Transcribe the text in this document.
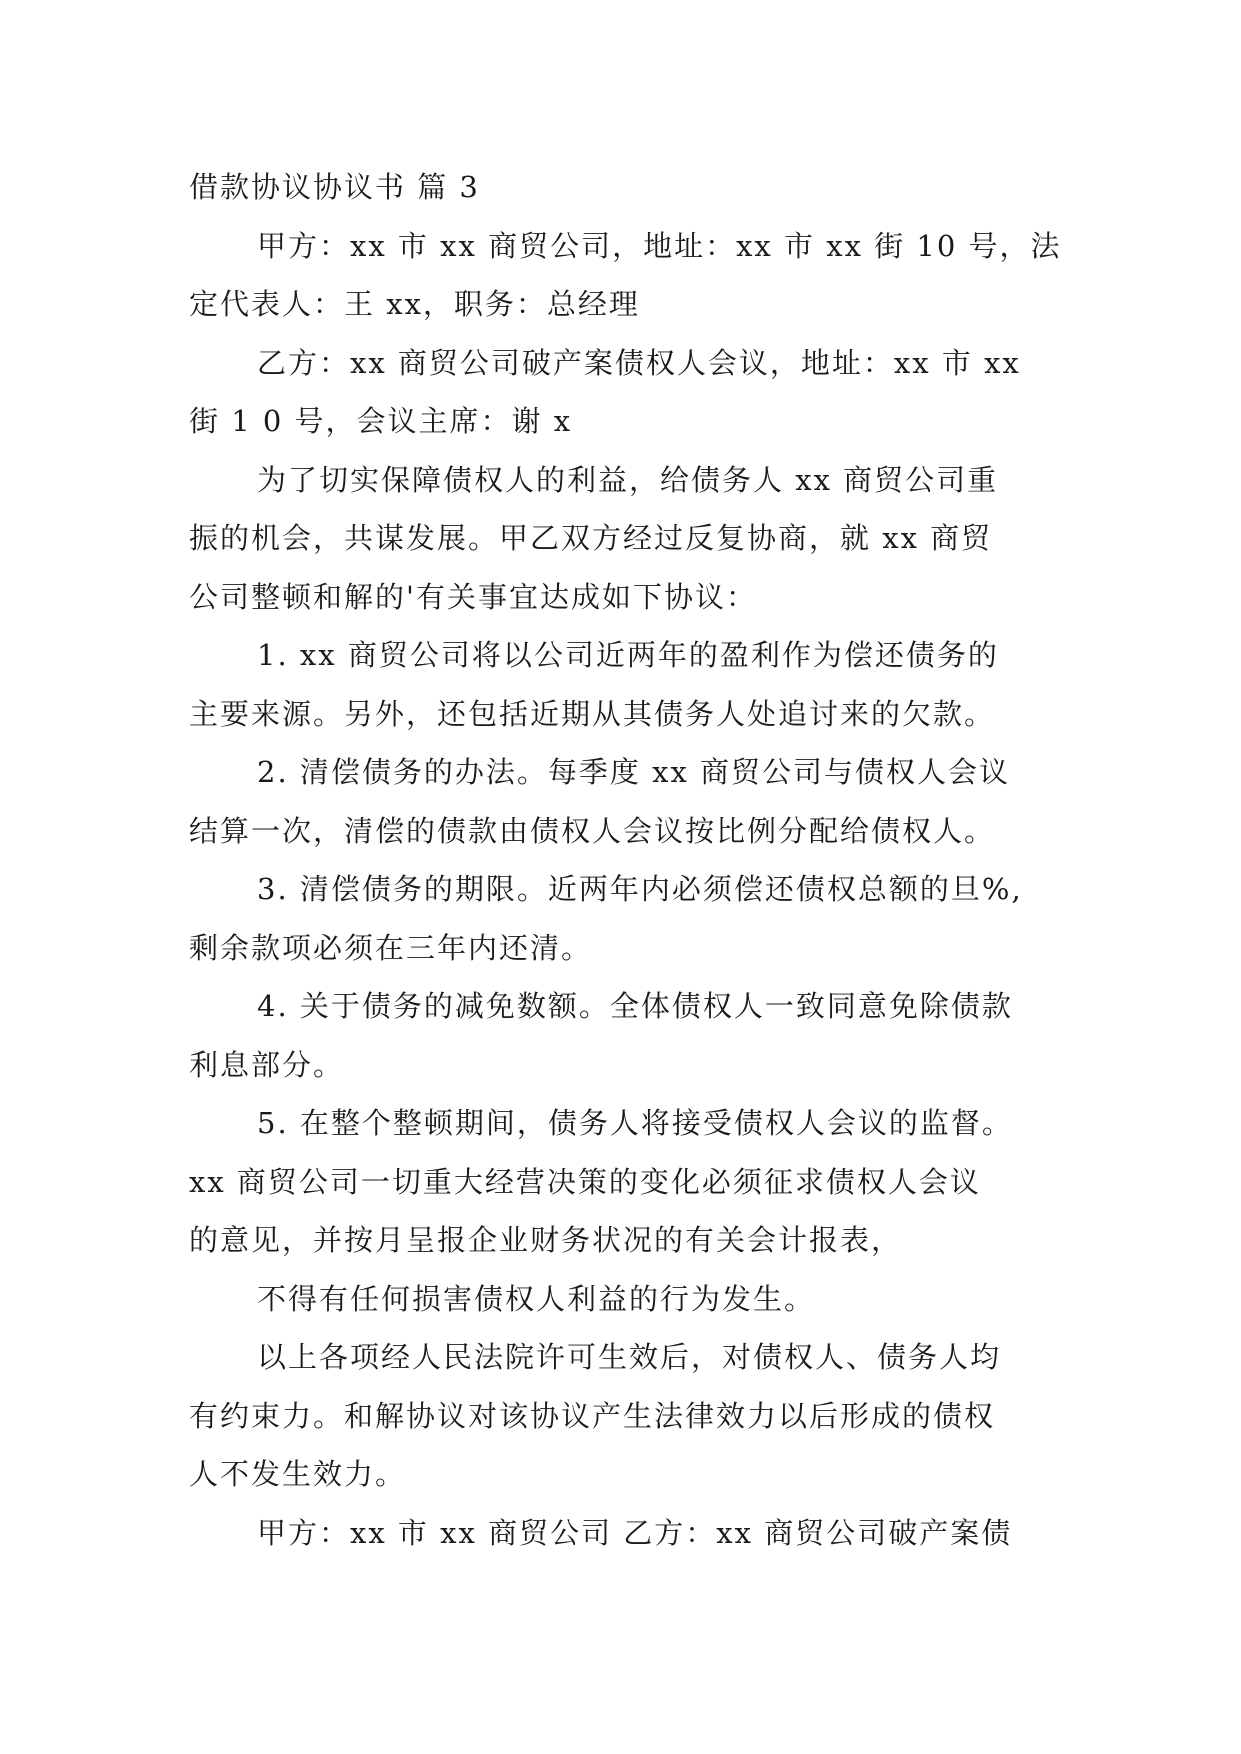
借款协议协议书 篇 3
甲方：xx 市 xx 商贸公司，地址：xx 市 xx 街 10 号，法
定代表人：王 xx，职务：总经理
乙方：xx 商贸公司破产案债权人会议，地址：xx 市 xx
街 1 0 号，会议主席：谢 x
为了切实保障债权人的利益，给债务人 xx 商贸公司重
振的机会，共谋发展。甲乙双方经过反复协商，就 xx 商贸
公司整顿和解的'有关事宜达成如下协议：
1. xx 商贸公司将以公司近两年的盈利作为偿还债务的
主要来源。另外，还包括近期从其债务人处追讨来的欠款。
2. 清偿债务的办法。每季度 xx 商贸公司与债权人会议
结算一次，清偿的债款由债权人会议按比例分配给债权人。
3. 清偿债务的期限。近两年内必须偿还债权总额的旦%,
剩余款项必须在三年内还清。
4. 关于债务的减免数额。全体债权人一致同意免除债款
利息部分。
5. 在整个整顿期间，债务人将接受债权人会议的监督。
xx 商贸公司一切重大经营决策的变化必须征求债权人会议
的意见，并按月呈报企业财务状况的有关会计报表，
不得有任何损害债权人利益的行为发生。
以上各项经人民法院许可生效后，对债权人、债务人均
有约束力。和解协议对该协议产生法律效力以后形成的债权
人不发生效力。
甲方：xx 市 xx 商贸公司 乙方：xx 商贸公司破产案债
